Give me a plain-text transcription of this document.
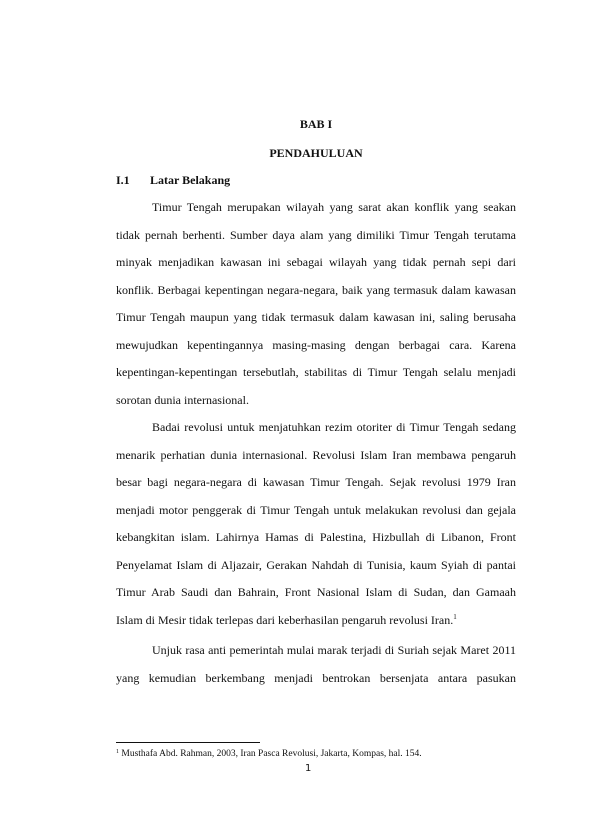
BAB I
PENDAHULUAN
I.1 Latar Belakang
Timur Tengah merupakan wilayah yang sarat akan konflik yang seakan
tidak pernah berhenti. Sumber daya alam yang dimiliki Timur Tengah terutama
minyak menjadikan kawasan ini sebagai wilayah yang tidak pernah sepi dari
konflik. Berbagai kepentingan negara-negara, baik yang termasuk dalam kawasan
Timur Tengah maupun yang tidak termasuk dalam kawasan ini, saling berusaha
mewujudkan kepentingannya masing-masing dengan berbagai cara. Karena
kepentingan-kepentingan tersebutlah, stabilitas di Timur Tengah selalu menjadi
sorotan dunia internasional.
Badai revolusi untuk menjatuhkan rezim otoriter di Timur Tengah sedang
menarik perhatian dunia internasional. Revolusi Islam Iran membawa pengaruh
besar bagi negara-negara di kawasan Timur Tengah. Sejak revolusi 1979 Iran
menjadi motor penggerak di Timur Tengah untuk melakukan revolusi dan gejala
kebangkitan islam. Lahirnya Hamas di Palestina, Hizbullah di Libanon, Front
Penyelamat Islam di Aljazair, Gerakan Nahdah di Tunisia, kaum Syiah di pantai
Timur Arab Saudi dan Bahrain, Front Nasional Islam di Sudan, dan Gamaah
Islam di Mesir tidak terlepas dari keberhasilan pengaruh revolusi Iran.$^1$
Unjuk rasa anti pemerintah mulai marak terjadi di Suriah sejak Maret 2011
yang kemudian berkembang menjadi bentrokan bersenjata antara pasukan
$^1$ Musthafa Abd. Rahman, 2003, Iran Pasca Revolusi, Jakarta, Kompas, hal. 154.
1
